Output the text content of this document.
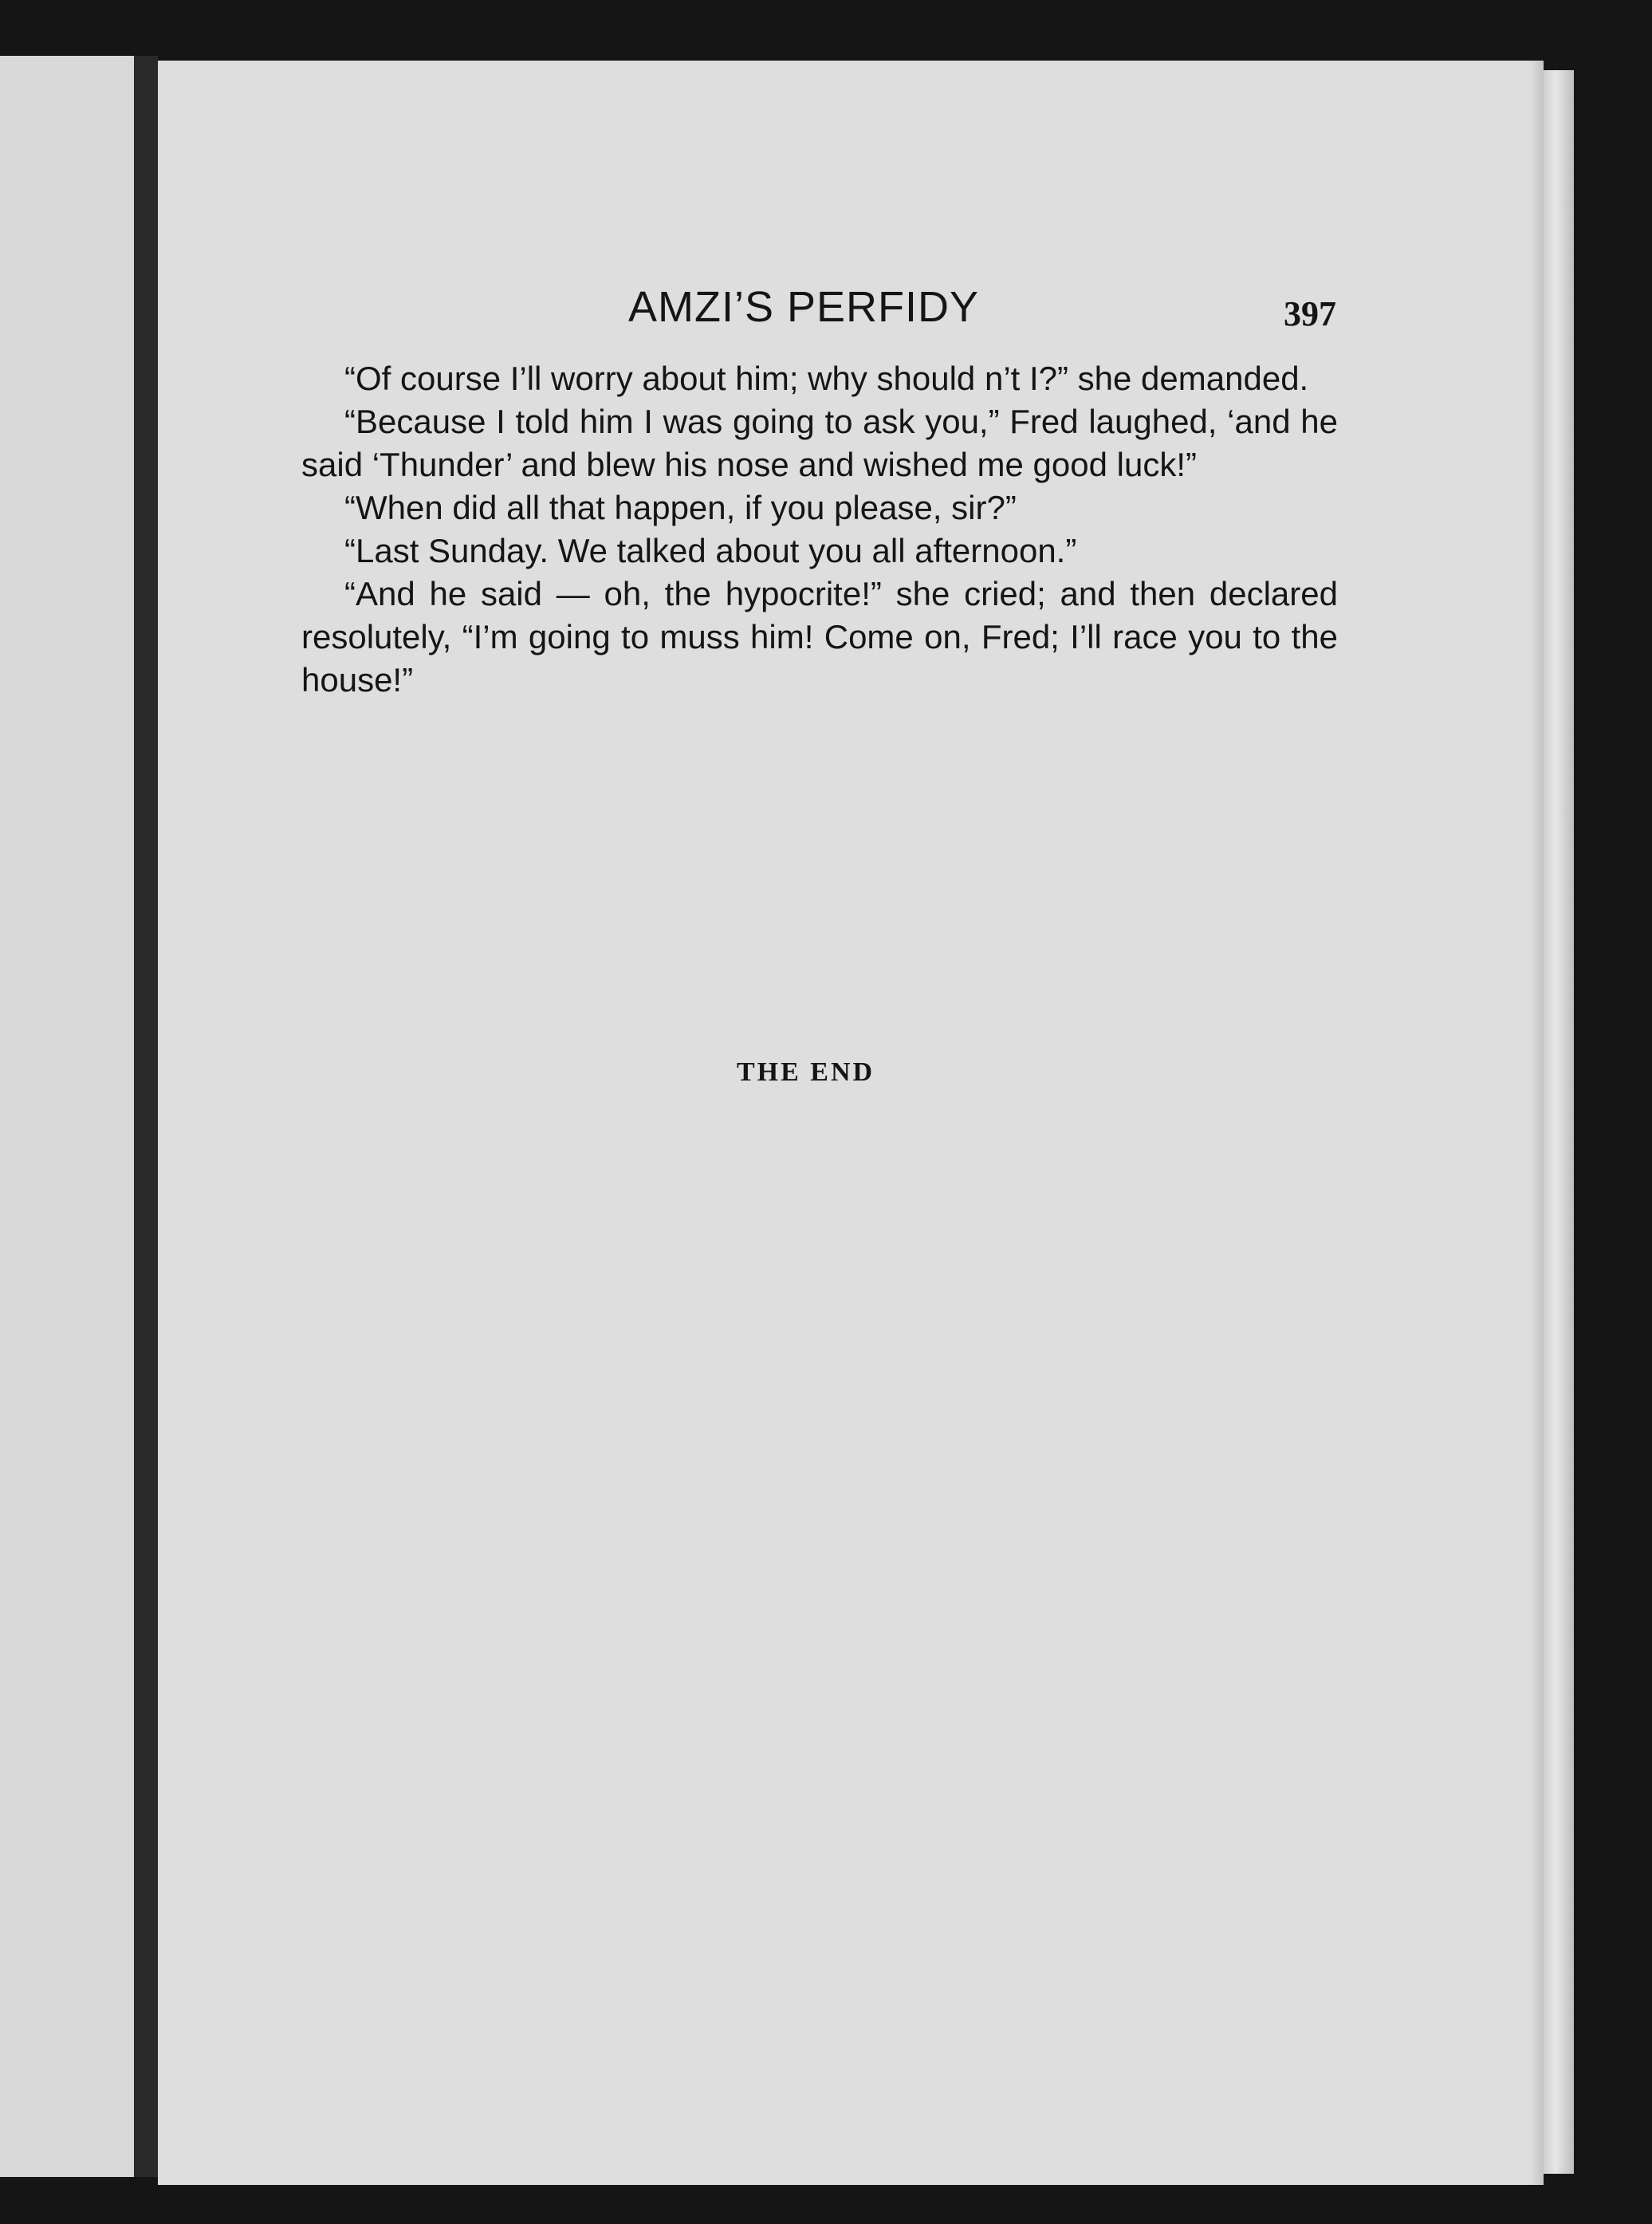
AMZI’S PERFIDY	397

“Of course I’ll worry about him; why should n’t I?” she demanded.

“Because I told him I was going to ask you,” Fred laughed, ‘and he said ‘Thunder’ and blew his nose and wished me good luck!”

“When did all that happen, if you please, sir?”

“Last Sunday. We talked about you all afternoon.”

“And he said — oh, the hypocrite!” she cried; and then declared resolutely, “I’m going to muss him! Come on, Fred; I’ll race you to the house!”

THE END
